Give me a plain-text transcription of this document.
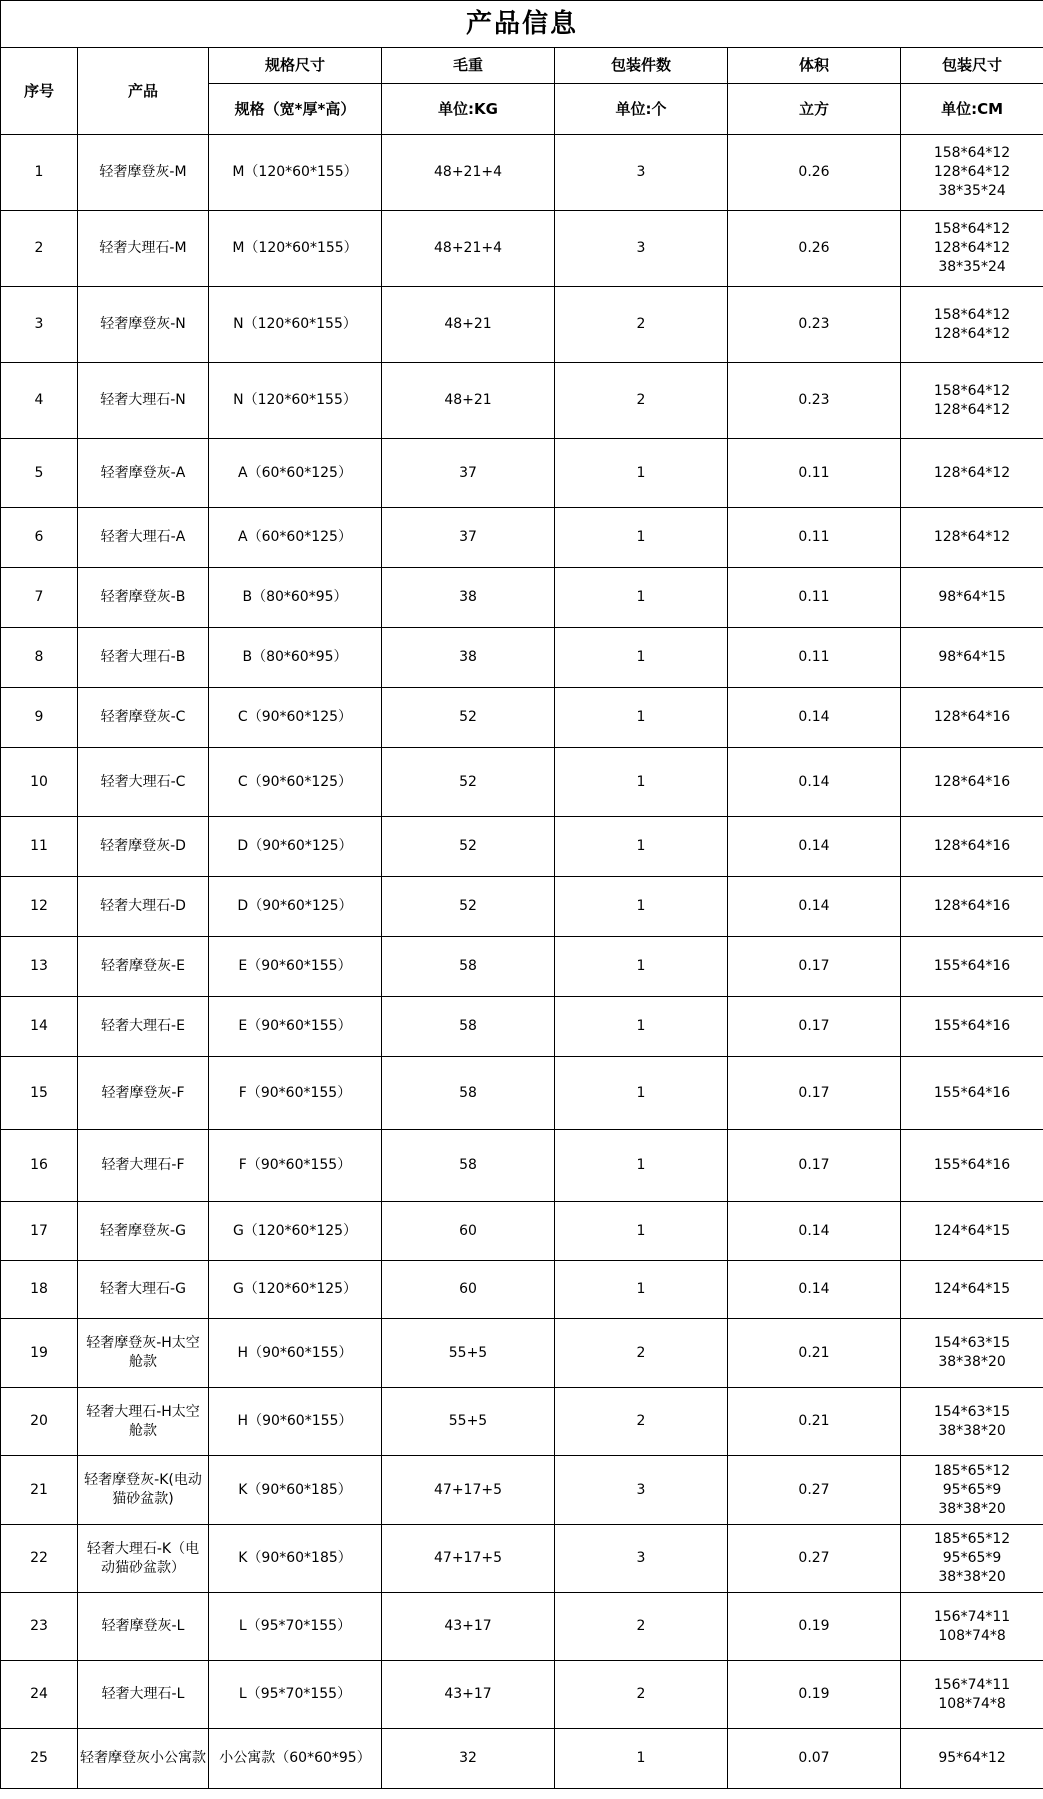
产品信息						
序号	产品	规格尺寸	毛重	包装件数	体积	包装尺寸
		规格（宽*厚*高）	单位:KG	单位:个	立方	单位:CM
1	轻奢摩登灰-M	M（120*60*155）	48+21+4	3	0.26	158*64*12
128*64*12
38*35*24
2	轻奢大理石-M	M（120*60*155）	48+21+4	3	0.26	158*64*12
128*64*12
38*35*24
3	轻奢摩登灰-N	N（120*60*155）	48+21	2	0.23	158*64*12
128*64*12
4	轻奢大理石-N	N（120*60*155）	48+21	2	0.23	158*64*12
128*64*12
5	轻奢摩登灰-A	A（60*60*125）	37	1	0.11	128*64*12
6	轻奢大理石-A	A（60*60*125）	37	1	0.11	128*64*12
7	轻奢摩登灰-B	B（80*60*95）	38	1	0.11	98*64*15
8	轻奢大理石-B	B（80*60*95）	38	1	0.11	98*64*15
9	轻奢摩登灰-C	C（90*60*125）	52	1	0.14	128*64*16
10	轻奢大理石-C	C（90*60*125）	52	1	0.14	128*64*16
11	轻奢摩登灰-D	D（90*60*125）	52	1	0.14	128*64*16
12	轻奢大理石-D	D（90*60*125）	52	1	0.14	128*64*16
13	轻奢摩登灰-E	E（90*60*155）	58	1	0.17	155*64*16
14	轻奢大理石-E	E（90*60*155）	58	1	0.17	155*64*16
15	轻奢摩登灰-F	F（90*60*155）	58	1	0.17	155*64*16
16	轻奢大理石-F	F（90*60*155）	58	1	0.17	155*64*16
17	轻奢摩登灰-G	G（120*60*125）	60	1	0.14	124*64*15
18	轻奢大理石-G	G（120*60*125）	60	1	0.14	124*64*15
19	轻奢摩登灰-H太空舱款	H（90*60*155）	55+5	2	0.21	154*63*15
38*38*20
20	轻奢大理石-H太空舱款	H（90*60*155）	55+5	2	0.21	154*63*15
38*38*20
21	轻奢摩登灰-K(电动猫砂盆款)	K（90*60*185）	47+17+5	3	0.27	185*65*12
95*65*9
38*38*20
22	轻奢大理石-K（电动猫砂盆款）	K（90*60*185）	47+17+5	3	0.27	185*65*12
95*65*9
38*38*20
23	轻奢摩登灰-L	L（95*70*155）	43+17	2	0.19	156*74*11
108*74*8
24	轻奢大理石-L	L（95*70*155）	43+17	2	0.19	156*74*11
108*74*8
25	轻奢摩登灰小公寓款	小公寓款（60*60*95）	32	1	0.07	95*64*12
